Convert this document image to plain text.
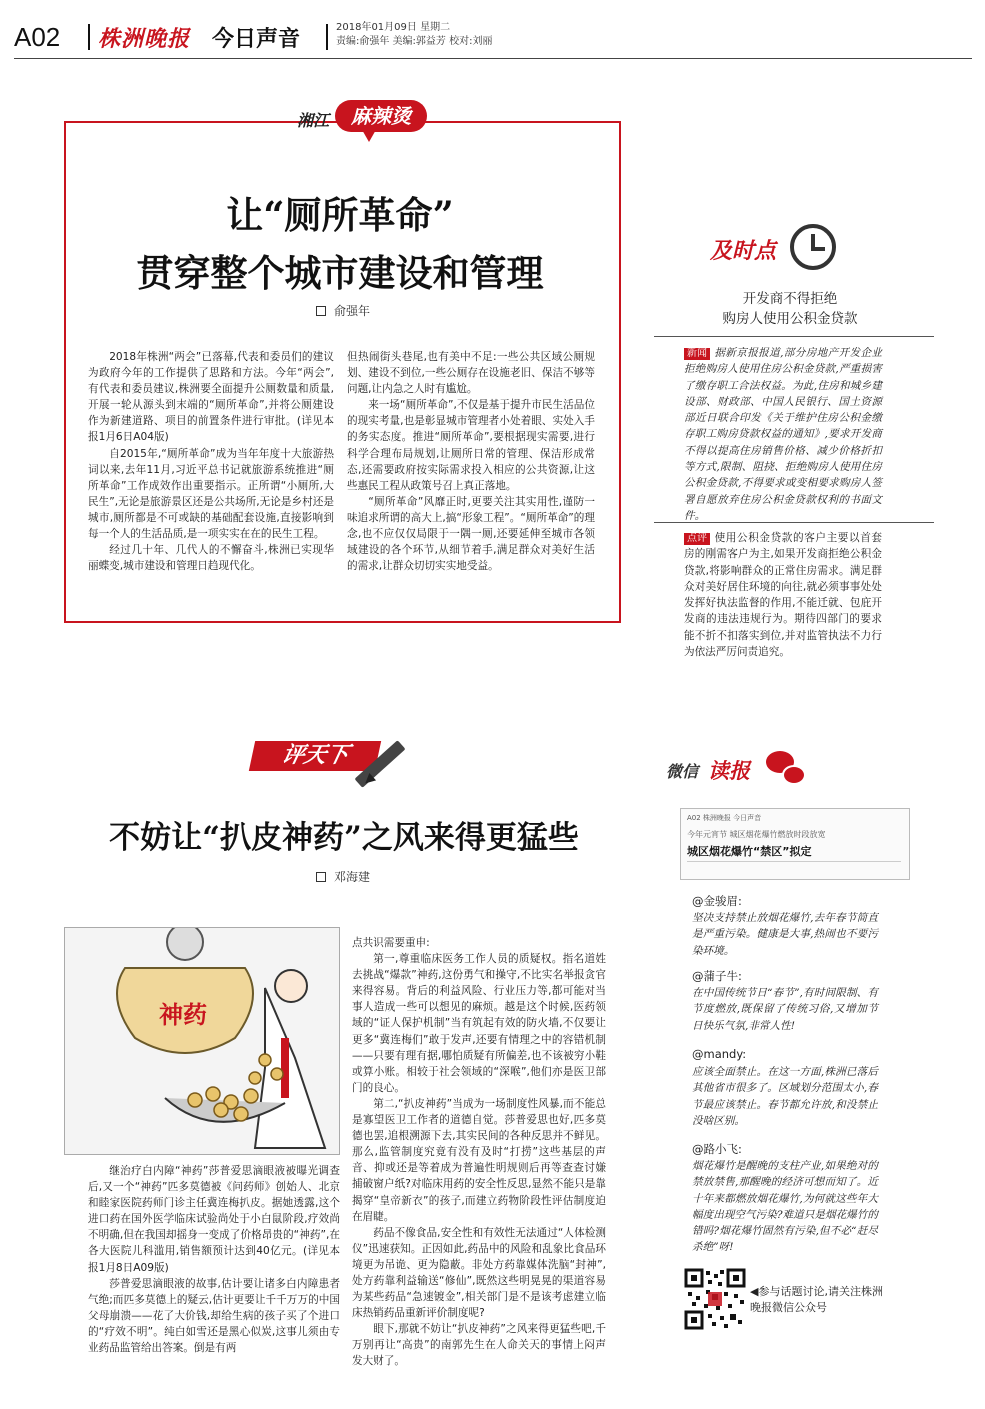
A02 株洲晚报 今日声音	2018年01月09日 星期二
责编:俞强年 美编:郭益芳 校对:刘丽
湘江	麻辣烫
让“厕所革命”
贯穿整个城市建设和管理
俞强年

2018年株洲“两会”已落幕,代表和委员们的建议为政府今年的工作提供了思路和方法。今年“两会”,有代表和委员建议,株洲要全面提升公厕数量和质量,开展一轮从源头到末端的“厕所革命”,并将公厕建设作为新建道路、项目的前置条件进行审批。(详见本报1月6日A04版)

自2015年,“厕所革命”成为当年年度十大旅游热词以来,去年11月,习近平总书记就旅游系统推进“厕所革命”工作成效作出重要指示。正所谓“小厕所,大民生”,无论是旅游景区还是公共场所,无论是乡村还是城市,厕所都是不可或缺的基础配套设施,直接影响到每一个人的生活品质,是一项实实在在的民生工程。

经过几十年、几代人的不懈奋斗,株洲已实现华丽蝶变,城市建设和管理日趋现代化。

但热闹街头巷尾,也有美中不足:一些公共区域公厕规划、建设不到位,一些公厕存在设施老旧、保洁不够等问题,让内急之人时有尴尬。

来一场“厕所革命”,不仅是基于提升市民生活品位的现实考量,也是彰显城市管理者小处着眼、实处入手的务实态度。推进“厕所革命”,要根据现实需要,进行科学合理布局规划,让厕所日常的管理、保洁形成常态,还需要政府按实际需求投入相应的公共资源,让这些惠民工程从政策号召上真正落地。

“厕所革命”风靡正时,更要关注其实用性,谨防一味追求所谓的高大上,搞“形象工程”。“厕所革命”的理念,也不应仅仅局限于一隅一厕,还要延伸至城市各领域建设的各个环节,从细节着手,满足群众对美好生活的需求,让群众切切实实地受益。

及时点
开发商不得拒绝
购房人使用公积金贷款
新闻 据新京报报道,部分房地产开发企业拒绝购房人使用住房公积金贷款,严重损害了缴存职工合法权益。为此,住房和城乡建设部、财政部、中国人民银行、国土资源部近日联合印发《关于维护住房公积金缴存职工购房贷款权益的通知》,要求开发商不得以提高住房销售价格、减少价格折扣等方式,限制、阻挠、拒绝购房人使用住房公积金贷款,不得要求或变相要求购房人签署自愿放弃住房公积金贷款权利的书面文件。
点评 使用公积金贷款的客户主要以首套房的刚需客户为主,如果开发商拒绝公积金贷款,将影响群众的正常住房需求。满足群众对美好居住环境的向往,就必须事事处处发挥好执法监督的作用,不能迁就、包庇开发商的违法违规行为。期待四部门的要求能不折不扣落实到位,并对监管执法不力行为依法严厉问责追究。
评天下
不妨让“扒皮神药”之风来得更猛些
邓海建
神药

继治疗白内障“神药”莎普爱思滴眼液被曝光调查后,又一个“神药”匹多莫德被《问药师》创始人、北京和睦家医院药师门诊主任冀连梅扒皮。据她透露,这个进口药在国外医学临床试验尚处于小白鼠阶段,疗效尚不明确,但在我国却摇身一变成了价格昂贵的“神药”,在各大医院儿科滥用,销售额预计达到40亿元。(详见本报1月8日A09版)

莎普爱思滴眼液的故事,估计要让诸多白内障患者气绝;而匹多莫德上的疑云,估计更要让千千万万的中国父母崩溃——花了大价钱,却给生病的孩子买了个进口的“疗效不明”。纯白如雪还是黑心似炭,这事儿须由专业药品监管给出答案。倒是有两

点共识需要重申:

第一,尊重临床医务工作人员的质疑权。指名道姓去挑战“爆款”神药,这份勇气和操守,不比实名举报贪官来得容易。背后的利益风险、行业压力等,都可能对当事人造成一些可以想见的麻烦。越是这个时候,医药领域的“证人保护机制”当有筑起有效的防火墙,不仅要让更多“冀连梅们”敢于发声,还要有情理之中的容错机制——只要有理有据,哪怕质疑有所偏差,也不该被穷小鞋或算小账。相较于社会领域的“深喉”,他们亦是医卫部门的良心。

第二,“扒皮神药”当成为一场制度性风暴,而不能总是寡望医卫工作者的道德自觉。莎普爱思也好,匹多莫德也罢,追根溯源下去,其实民间的各种反思并不鲜见。那么,监管制度究竟有没有及时“打捞”这些基层的声音、抑或还是等着成为普遍性明规则后再等查查讨嫌捕破窗户纸?对临床用药的安全性反思,显然不能只是靠揭穿“皇帝新衣”的孩子,而建立药物阶段性评估制度迫在眉睫。

药品不像食品,安全性和有效性无法通过“人体检测仪”迅速获知。正因如此,药品中的风险和乱象比食品环境更为吊诡、更为隐蔽。非处方药靠媒体洗脑“封神”,处方药靠利益输送“修仙”,既然这些明晃晃的渠道容易为某些药品“急速镀金”,相关部门是不是该考虑建立临床热销药品重新评价制度呢?

眼下,那就不妨让“扒皮神药”之风来得更猛些吧,千万别再让“高贵”的南郭先生在人命关天的事情上闷声发大财了。

微信 读报
A02 株洲晚报 今日声音
今年元宵节 城区烟花爆竹燃放时段放宽
城区烟花爆竹“禁区”拟定
@金骏眉:
坚决支持禁止放烟花爆竹,去年春节简直是严重污染。健康是大事,热闹也不要污染环境。
@蒲子牛:
在中国传统节日“春节”,有时间限制、有节度燃放,既保留了传统习俗,又增加节日快乐气氛,非常人性!
@mandy:
应该全面禁止。在这一方面,株洲已落后其他省市很多了。区域划分范围太小,春节最应该禁止。春节都允许放,和没禁止没啥区别。
@路小飞:
烟花爆竹是醒晚的支柱产业,如果绝对的禁放禁售,那醒晚的经济可想而知了。近十年来都燃放烟花爆竹,为何就这些年大幅度出现空气污染?难道只是烟花爆竹的错吗?烟花爆竹固然有污染,但不必“赶尽杀绝”呀!
◀参与话题讨论,请关注株洲晚报微信公众号
